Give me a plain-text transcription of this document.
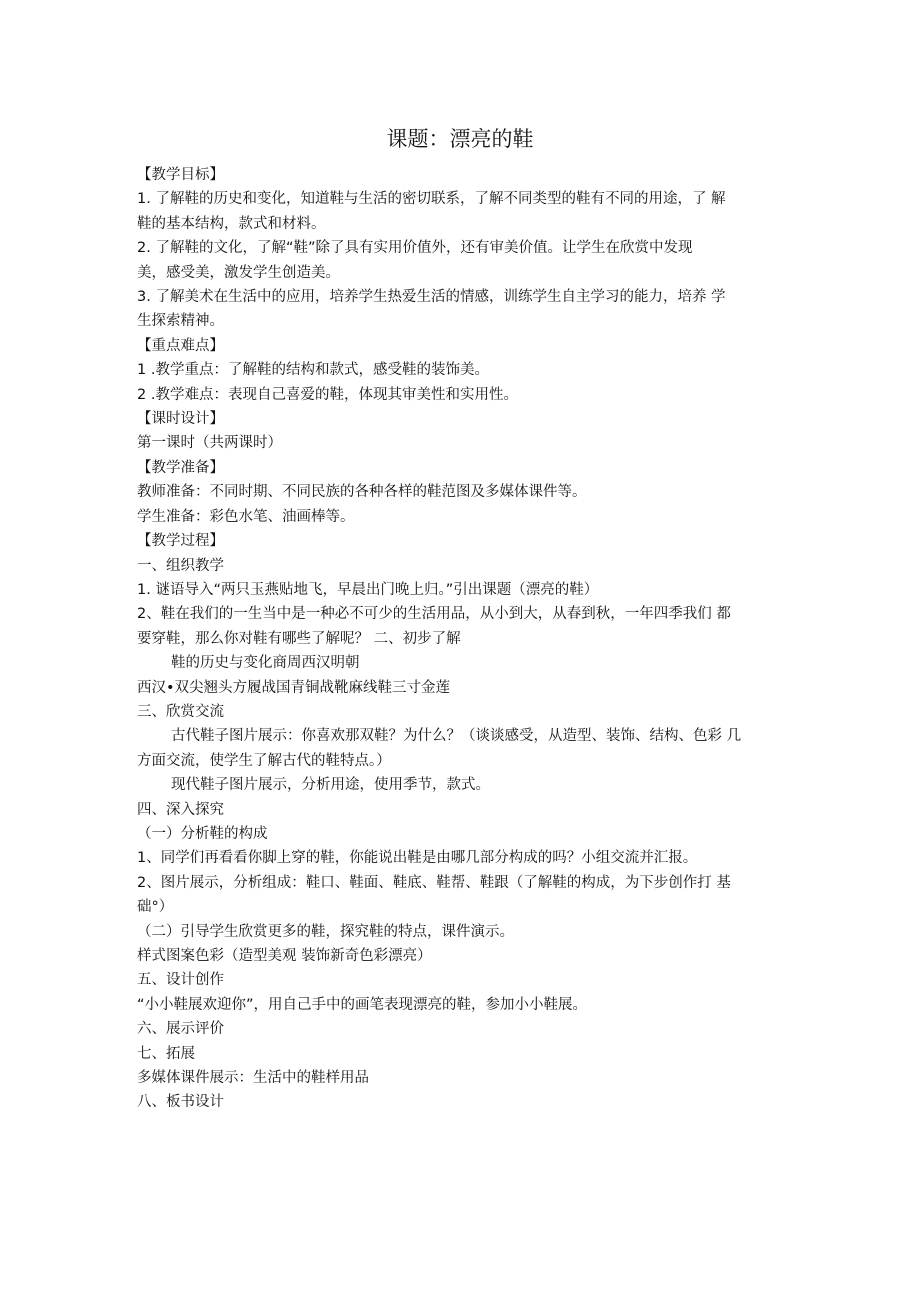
课题：漂亮的鞋

【教学目标】

1. 了解鞋的历史和变化，知道鞋与生活的密切联系，了解不同类型的鞋有不同的用途，了 解

鞋的基本结构，款式和材料。

2. 了解鞋的文化，了解“鞋”除了具有实用价值外，还有审美价值。让学生在欣赏中发现

美，感受美，激发学生创造美。

3. 了解美术在生活中的应用，培养学生热爱生活的情感，训练学生自主学习的能力，培养 学

生探索精神。

【重点难点】

1 .教学重点：了解鞋的结构和款式，感受鞋的装饰美。

2 .教学难点：表现自己喜爱的鞋，体现其审美性和实用性。

【课时设计】

第一课时（共两课时）

【教学准备】

教师准备：不同时期、不同民族的各种各样的鞋范图及多媒体课件等。

学生准备：彩色水笔、油画棒等。

【教学过程】

一、组织教学

1. 谜语导入“两只玉燕贴地飞，早晨出门晚上归。”引出课题（漂亮的鞋）

2、鞋在我们的一生当中是一种必不可少的生活用品，从小到大，从春到秋，一年四季我们 都

要穿鞋，那么你对鞋有哪些了解呢？ 二、初步了解

鞋的历史与变化商周西汉明朝

西汉•双尖翘头方履战国青铜战靴麻线鞋三寸金莲

三、欣赏交流

古代鞋子图片展示：你喜欢那双鞋？为什么？（谈谈感受，从造型、装饰、结构、色彩 几

方面交流，使学生了解古代的鞋特点。）

现代鞋子图片展示，分析用途，使用季节，款式。

四、深入探究

（一）分析鞋的构成

1、同学们再看看你脚上穿的鞋，你能说出鞋是由哪几部分构成的吗？小组交流并汇报。

2、图片展示，分析组成：鞋口、鞋面、鞋底、鞋帮、鞋跟（了解鞋的构成，为下步创作打 基

础°）

（二）引导学生欣赏更多的鞋，探究鞋的特点，课件演示。

样式图案色彩（造型美观 装饰新奇色彩漂亮）

五、设计创作

“小小鞋展欢迎你”，用自己手中的画笔表现漂亮的鞋，参加小小鞋展。

六、展示评价

七、拓展

多媒体课件展示：生活中的鞋样用品

八、板书设计
